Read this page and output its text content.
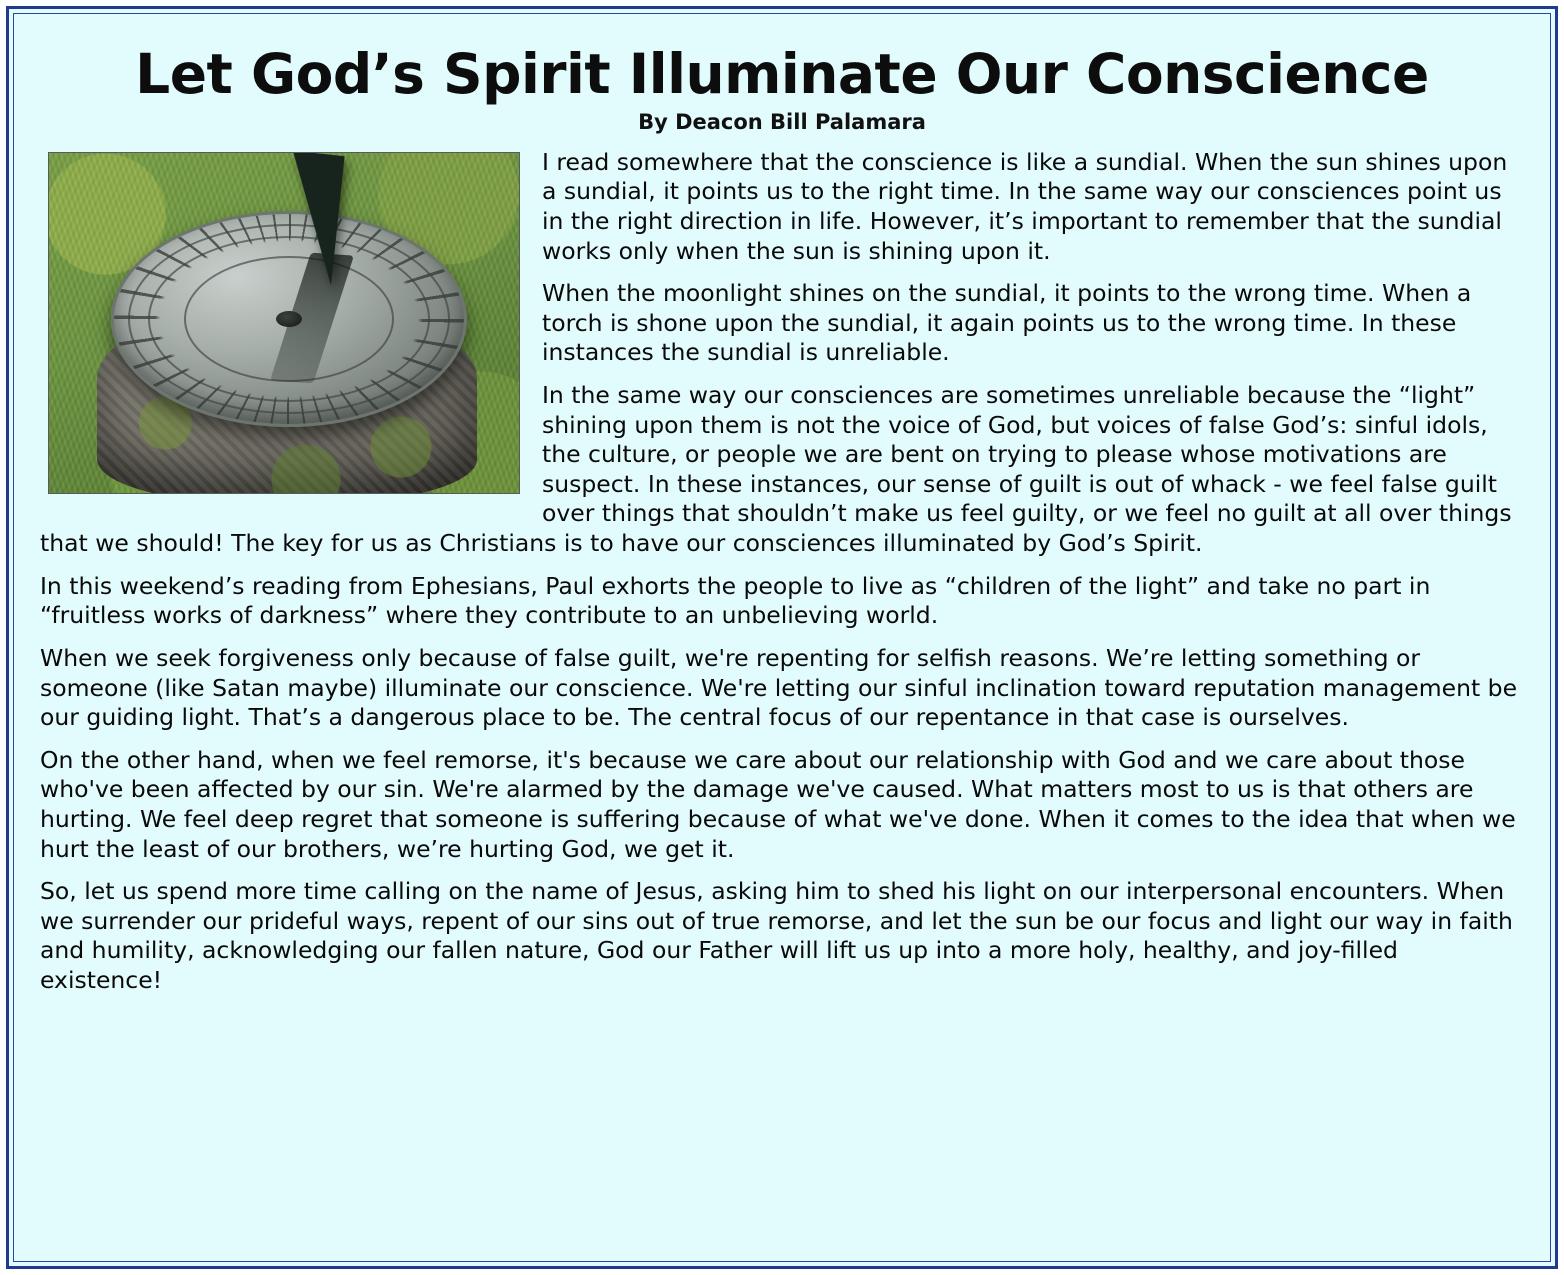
Let God’s Spirit Illuminate Our Conscience
By Deacon Bill Palamara

I read somewhere that the conscience is like a sundial. When the sun shines upon a sundial, it points us to the right time. In the same way our consciences point us in the right direction in life. However, it’s important to remember that the sundial works only when the sun is shining upon it.

When the moonlight shines on the sundial, it points to the wrong time. When a torch is shone upon the sundial, it again points us to the wrong time. In these instances the sundial is unreliable.

In the same way our consciences are sometimes unreliable because the “light” shining upon them is not the voice of God, but voices of false God’s: sinful idols, the culture, or people we are bent on trying to please whose motivations are suspect. In these instances, our sense of guilt is out of whack - we feel false guilt over things that shouldn’t make us feel guilty, or we feel no guilt at all over things that we should! The key for us as Christians is to have our consciences illuminated by God’s Spirit.

In this weekend’s reading from Ephesians, Paul exhorts the people to live as “children of the light” and take no part in “fruitless works of darkness” where they contribute to an unbelieving world.

When we seek forgiveness only because of false guilt, we're repenting for selfish reasons. We’re letting something or someone (like Satan maybe) illuminate our conscience. We're letting our sinful inclination toward reputation management be our guiding light. That’s a dangerous place to be. The central focus of our repentance in that case is ourselves.

On the other hand, when we feel remorse, it's because we care about our relationship with God and we care about those who've been affected by our sin. We're alarmed by the damage we've caused. What matters most to us is that others are hurting. We feel deep regret that someone is suffering because of what we've done. When it comes to the idea that when we hurt the least of our brothers, we’re hurting God, we get it.

So, let us spend more time calling on the name of Jesus, asking him to shed his light on our interpersonal encounters. When we surrender our prideful ways, repent of our sins out of true remorse, and let the sun be our focus and light our way in faith and humility, acknowledging our fallen nature, God our Father will lift us up into a more holy, healthy, and joy-filled existence!
